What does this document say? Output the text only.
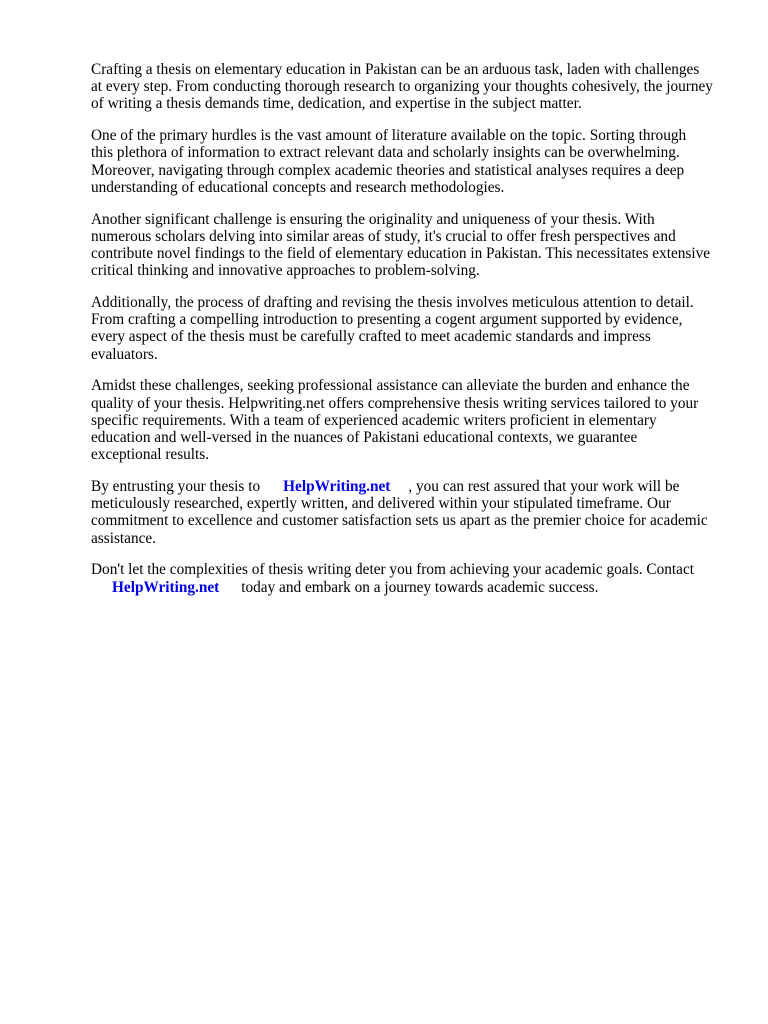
Crafting a thesis on elementary education in Pakistan can be an arduous task, laden with challenges
at every step. From conducting thorough research to organizing your thoughts cohesively, the journey
of writing a thesis demands time, dedication, and expertise in the subject matter.

One of the primary hurdles is the vast amount of literature available on the topic. Sorting through
this plethora of information to extract relevant data and scholarly insights can be overwhelming.
Moreover, navigating through complex academic theories and statistical analyses requires a deep
understanding of educational concepts and research methodologies.

Another significant challenge is ensuring the originality and uniqueness of your thesis. With
numerous scholars delving into similar areas of study, it's crucial to offer fresh perspectives and
contribute novel findings to the field of elementary education in Pakistan. This necessitates extensive
critical thinking and innovative approaches to problem-solving.

Additionally, the process of drafting and revising the thesis involves meticulous attention to detail.
From crafting a compelling introduction to presenting a cogent argument supported by evidence,
every aspect of the thesis must be carefully crafted to meet academic standards and impress
evaluators.

Amidst these challenges, seeking professional assistance can alleviate the burden and enhance the
quality of your thesis. Helpwriting.net offers comprehensive thesis writing services tailored to your
specific requirements. With a team of experienced academic writers proficient in elementary
education and well-versed in the nuances of Pakistani educational contexts, we guarantee
exceptional results.

By entrusting your thesis to HelpWriting.net , you can rest assured that your work will be
meticulously researched, expertly written, and delivered within your stipulated timeframe. Our
commitment to excellence and customer satisfaction sets us apart as the premier choice for academic
assistance.

Don't let the complexities of thesis writing deter you from achieving your academic goals. Contact
HelpWriting.net today and embark on a journey towards academic success.
